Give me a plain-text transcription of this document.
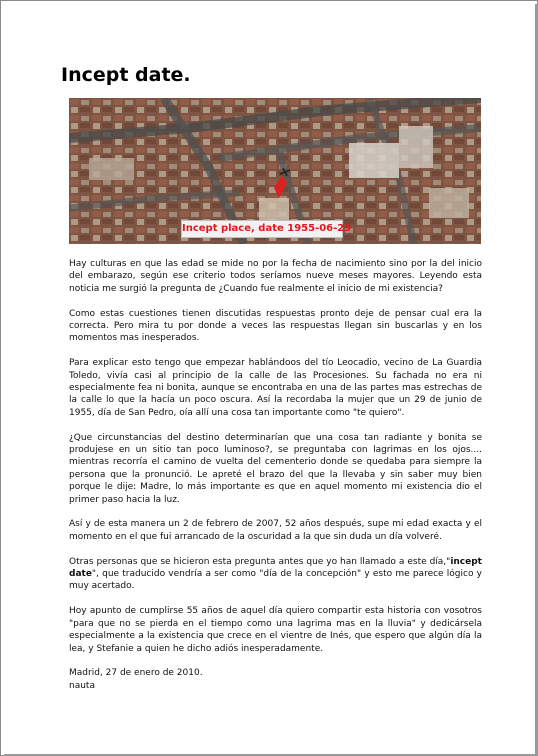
Incept date.
Incept place, date 1955-06-29

Hay culturas en que las edad se mide no por la fecha de nacimiento sino por la del inicio del embarazo, según ese criterio todos seríamos nueve meses mayores. Leyendo esta noticia me surgió la pregunta de ¿Cuando fue realmente el inicio de mi existencia?

Como estas cuestiones tienen discutidas respuestas pronto deje de pensar cual era la correcta. Pero mira tu por donde a veces las respuestas llegan sin buscarlas y en los momentos mas inesperados.

Para explicar esto tengo que empezar hablándoos del tío Leocadio, vecino de La Guardia Toledo, vivía casi al principio de la calle de las Procesiones. Su fachada no era ni especialmente fea ni bonita, aunque se encontraba en una de las partes mas estrechas de la calle lo que la hacía un poco oscura. Así la recordaba la mujer que un 29 de junio de 1955, día de San Pedro, oía allí una cosa tan importante como "te quiero".

¿Que circunstancias del destino determinarían que una cosa tan radiante y bonita se produjese en un sitio tan poco luminoso?, se preguntaba con lagrimas en los ojos.... mientras recorría el camino de vuelta del cementerio donde se quedaba para siempre la persona que la pronunció. Le apreté el brazo del que la llevaba y sin saber muy bien porque le dije: Madre, lo más importante es que en aquel momento mi existencia dio el primer paso hacia la luz.

Así y de esta manera un 2 de febrero de 2007, 52 años después, supe mi edad exacta y el momento en el que fui arrancado de la oscuridad a la que sin duda un día volveré.

Otras personas que se hicieron esta pregunta antes que yo han llamado a este día,"incept date", que traducido vendría a ser como "día de la concepción" y esto me parece lógico y muy acertado.

Hoy apunto de cumplirse 55 años de aquel día quiero compartir esta historia con vosotros "para que no se pierda en el tiempo como una lagrima mas en la lluvia" y dedicársela especialmente a la existencia que crece en el vientre de Inés, que espero que algún día la lea, y Stefanie a quien he dicho adiós inesperadamente.

Madrid, 27 de enero de 2010.

nauta
